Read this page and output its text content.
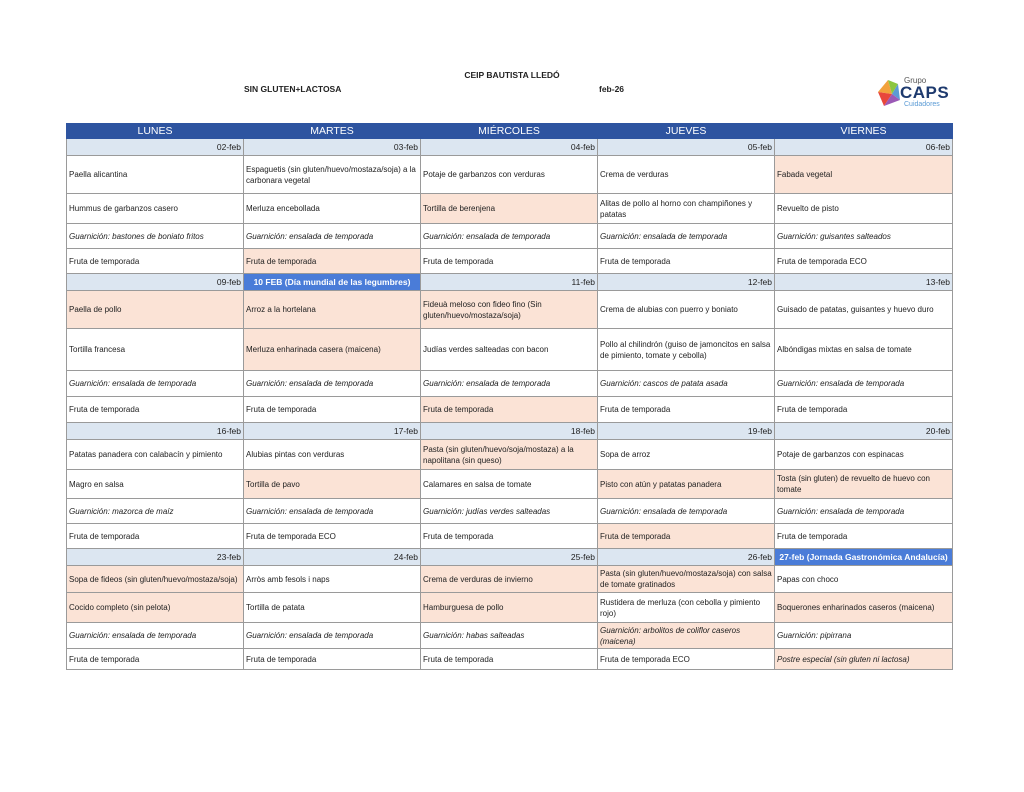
CEIP BAUTISTA LLEDÓ
SIN GLUTEN+LACTOSA	feb-26
Grupo
CAPS
Cuidadores
LUNES	MARTES	MIÉRCOLES	JUEVES	VIERNES
02-feb	03-feb	04-feb	05-feb	06-feb

Paella alicantina	Espaguetis (sin gluten/huevo/mostaza/soja) a la carbonara vegetal	Potaje de garbanzos con verduras	Crema de verduras	Fabada vegetal

Hummus de garbanzos casero	Merluza encebollada	Tortilla de berenjena	Alitas de pollo al horno con champiñones y patatas	Revuelto de pisto

Guarnición: bastones de boniato fritos	Guarnición: ensalada de temporada	Guarnición: ensalada de temporada	Guarnición: ensalada de temporada	Guarnición: guisantes salteados

Fruta de temporada	Fruta de temporada	Fruta de temporada	Fruta de temporada	Fruta de temporada ECO

09-feb	10 FEB (Día mundial de las legumbres)	11-feb	12-feb	13-feb

Paella de pollo	Arroz a la hortelana	Fideuà meloso con fideo fino (Sin gluten/huevo/mostaza/soja)	Crema de alubias con puerro y boniato	Guisado de patatas, guisantes y huevo duro

Tortilla francesa	Merluza enharinada casera (maicena)	Judías verdes salteadas con bacon	Pollo al chilindrón (guiso de jamoncitos en salsa de pimiento, tomate y cebolla)	Albóndigas mixtas en salsa de tomate

Guarnición: ensalada de temporada	Guarnición: ensalada de temporada	Guarnición: ensalada de temporada	Guarnición: cascos de patata asada	Guarnición: ensalada de temporada

Fruta de temporada	Fruta de temporada	Fruta de temporada	Fruta de temporada	Fruta de temporada

16-feb	17-feb	18-feb	19-feb	20-feb

Patatas panadera con calabacín y pimiento	Alubias pintas con verduras	Pasta (sin gluten/huevo/soja/mostaza) a la napolitana (sin queso)	Sopa de arroz	Potaje de garbanzos con espinacas

Magro en salsa	Tortilla de pavo	Calamares en salsa de tomate	Pisto con atún y patatas panadera	Tosta (sin gluten) de revuelto de huevo con tomate

Guarnición: mazorca de maíz	Guarnición: ensalada de temporada	Guarnición: judías verdes salteadas	Guarnición: ensalada de temporada	Guarnición: ensalada de temporada

Fruta de temporada	Fruta de temporada ECO	Fruta de temporada	Fruta de temporada	Fruta de temporada

23-feb	24-feb	25-feb	26-feb	27-feb (Jornada Gastronómica Andalucía)

Sopa de fideos (sin gluten/huevo/mostaza/soja)	Arròs amb fesols i naps	Crema de verduras de invierno	Pasta (sin gluten/huevo/mostaza/soja) con salsa de tomate gratinados	Papas con choco

Cocido completo (sin pelota)	Tortilla de patata	Hamburguesa de pollo	Rustidera de merluza (con cebolla y pimiento rojo)	Boquerones enharinados caseros (maicena)

Guarnición: ensalada de temporada	Guarnición: ensalada de temporada	Guarnición: habas salteadas	Guarnición: arbolitos de coliflor caseros (maicena)	Guarnición: pipirrana

Fruta de temporada	Fruta de temporada	Fruta de temporada	Fruta de temporada ECO	Postre especial (sin gluten ni lactosa)
